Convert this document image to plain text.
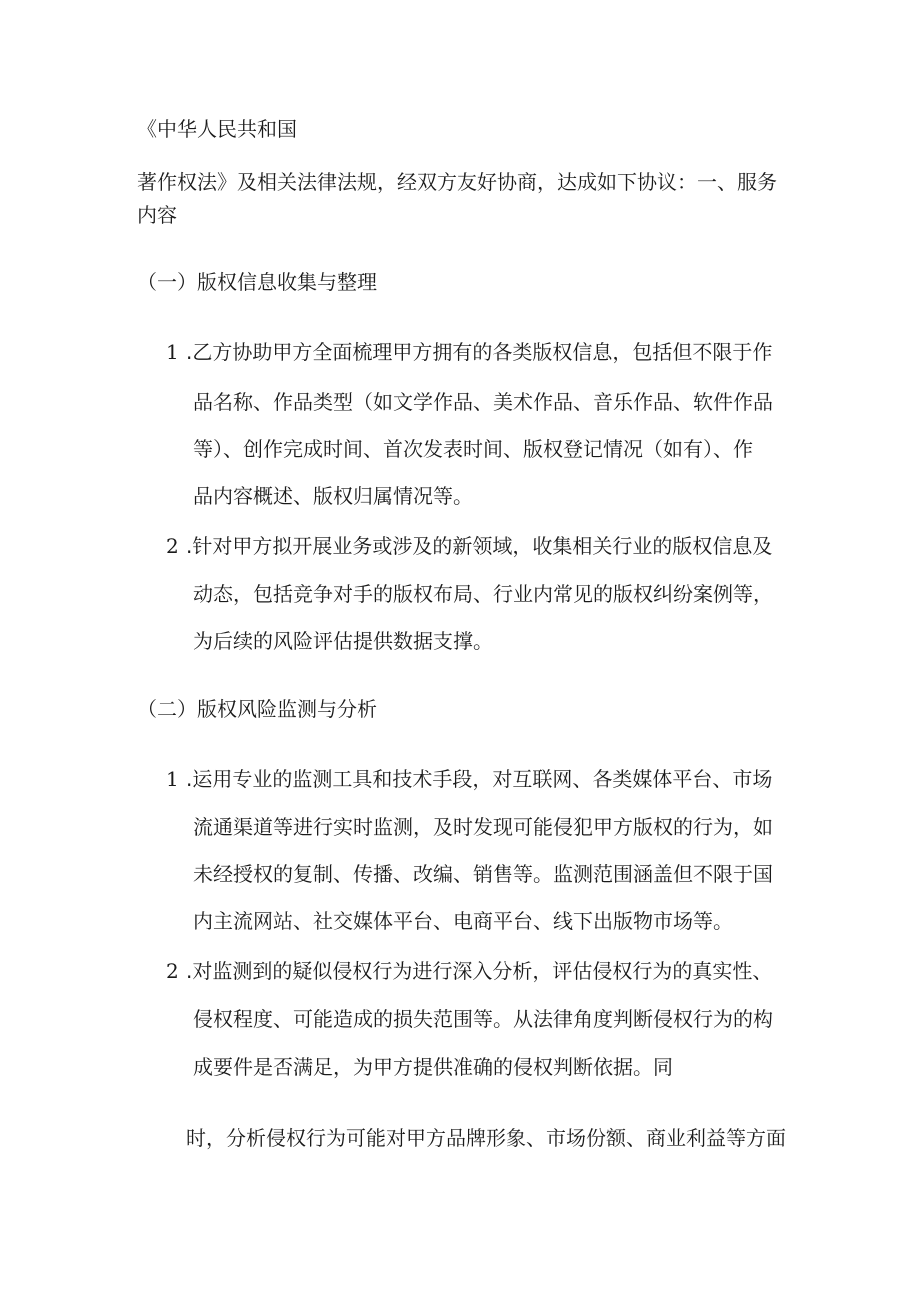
《中华人民共和国
著作权法》及相关法律法规，经双方友好协商，达成如下协议：一、服务
内容
（一）版权信息收集与整理
1 .乙方协助甲方全面梳理甲方拥有的各类版权信息，包括但不限于作
品名称、作品类型（如文学作品、美术作品、音乐作品、软件作品
等）、创作完成时间、首次发表时间、版权登记情况（如有）、作
品内容概述、版权归属情况等。
2 .针对甲方拟开展业务或涉及的新领域，收集相关行业的版权信息及
动态，包括竞争对手的版权布局、行业内常见的版权纠纷案例等，
为后续的风险评估提供数据支撑。
（二）版权风险监测与分析
1 .运用专业的监测工具和技术手段，对互联网、各类媒体平台、市场
流通渠道等进行实时监测，及时发现可能侵犯甲方版权的行为，如
未经授权的复制、传播、改编、销售等。监测范围涵盖但不限于国
内主流网站、社交媒体平台、电商平台、线下出版物市场等。
2 .对监测到的疑似侵权行为进行深入分析，评估侵权行为的真实性、
侵权程度、可能造成的损失范围等。从法律角度判断侵权行为的构
成要件是否满足，为甲方提供准确的侵权判断依据。同
时，分析侵权行为可能对甲方品牌形象、市场份额、商业利益等方面
